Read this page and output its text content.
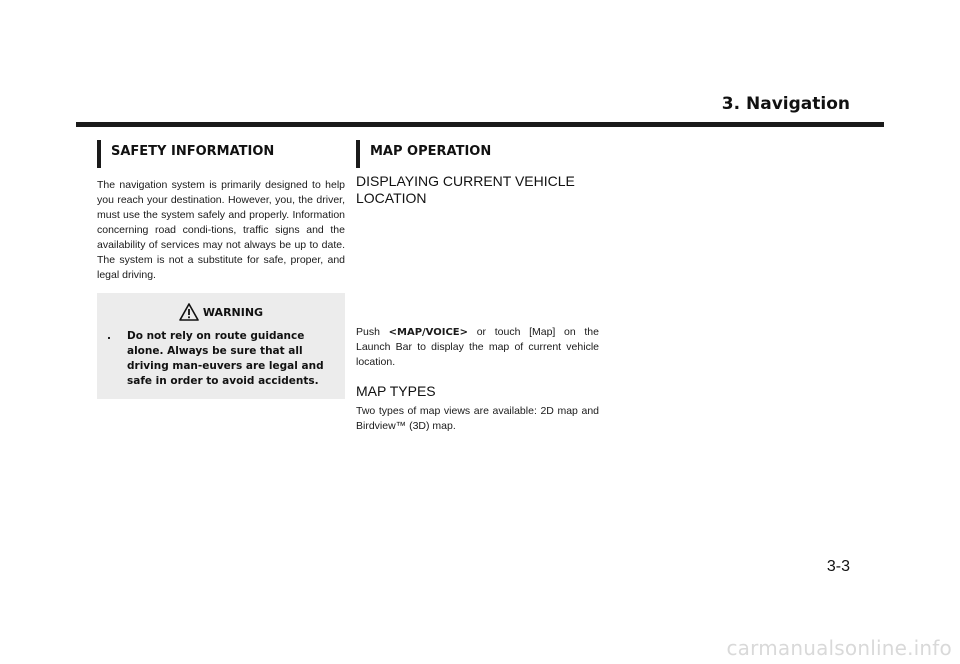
3. Navigation
SAFETY INFORMATION

The navigation system is primarily designed to help you reach your destination. However, you, the driver, must use the system safely and properly. Information concerning road condi-tions, traffic signs and the availability of services may not always be up to date. The system is not a substitute for safe, proper, and legal driving.

WARNING
.	Do not rely on route guidance alone. Always be sure that all driving man-euvers are legal and safe in order to avoid accidents.
MAP OPERATION
DISPLAYING CURRENT VEHICLE LOCATION

Push <MAP/VOICE> or touch [Map] on the Launch Bar to display the map of current vehicle location.

MAP TYPES

Two types of map views are available: 2D map and Birdview™ (3D) map.

3-3
carmanualsonline.info
